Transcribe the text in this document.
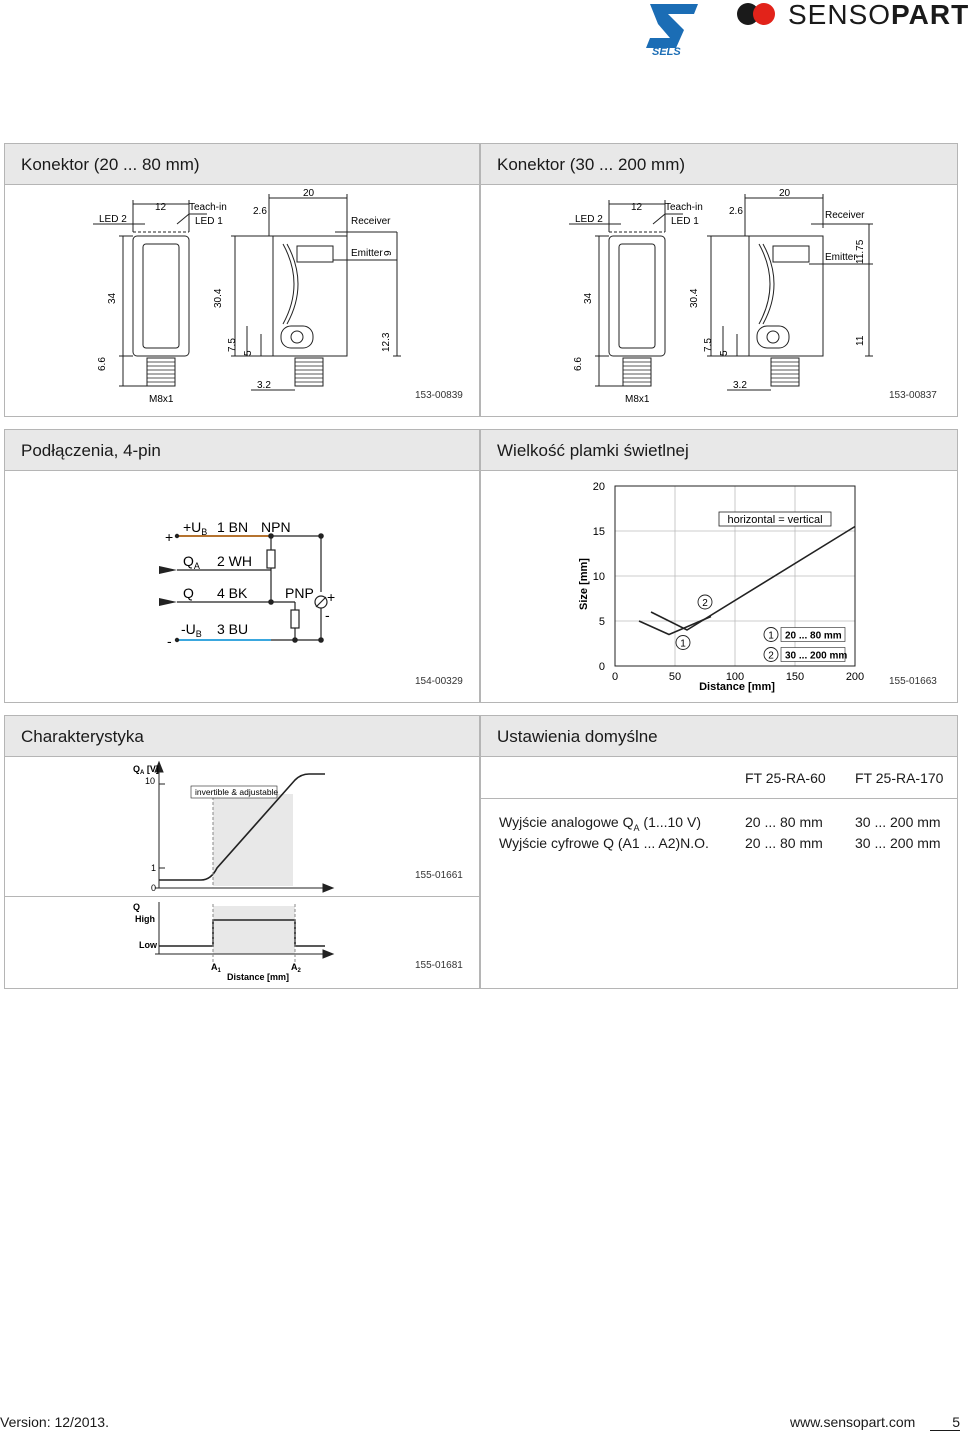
SELS
SENSOPART
Konektor (20 ... 80 mm)	Konektor (30 ... 200 mm)
6.6
34	30.4
7.5
5
LED 2
12 Teach-in
LED 1
2.6
20
Receiver
Emitter 9
12.3
M8x1
3.2
153-00839
6.6
34	30.4
7.5
5
LED 2
12 Teach-in
LED 1
2.6
20
Receiver
Emitter
11.75
11
M8x1
3.2
153-00837
Podłączenia, 4-pin	Wielkość plamki świetlnej
+
-
$+U_B$ 1 BN NPN
$Q_A$ 2 WH
Q 4 BK	PNP +
-
$-U_B$ 3 BU
154-00329
1
1 20 ... 80 mm
2
2 30 ... 200 mm
0	50	100	150	200
0
5
10
15
20
Size [mm]
Distance [mm]
horizontal = vertical
155-01663
Charakterystyka	Ustawienia domyślne
invertible & adjustable
$Q_A$ [V]
10
1
0
155-01661
Q
High
Low
$A_1$	$A_2$
Distance [mm]
155-01681
FT 25-RA-60 FT 25-RA-170
Wyjście analogowe $Q_A$ (1...10 V)	20 ... 80 mm 30 ... 200 mm
Wyjście cyfrowe Q (A1 ... A2)N.O.	20 ... 80 mm 30 ... 200 mm
Version: 12/2013.	www.sensopart.com	5
